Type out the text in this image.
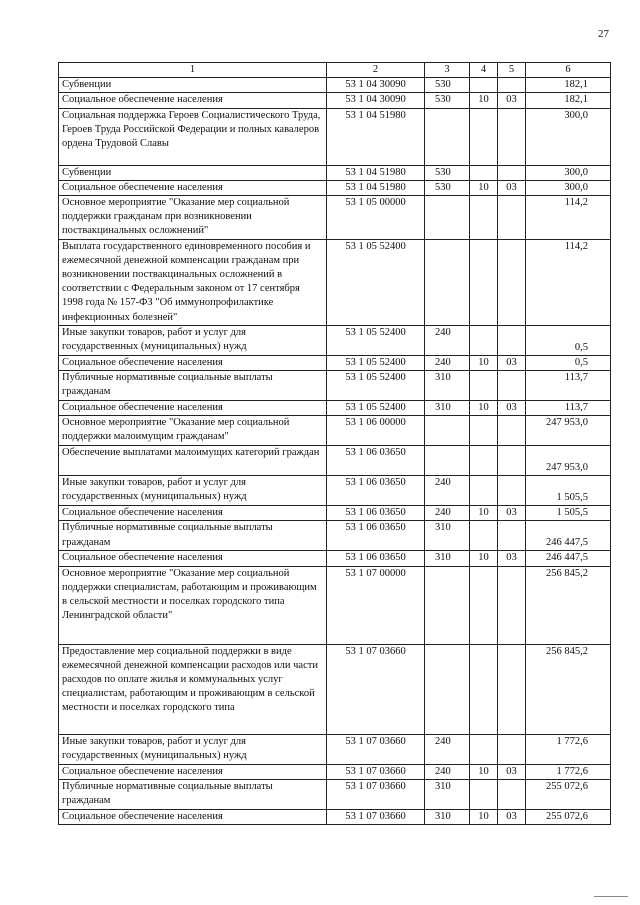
27
1	2	3	4	5	6
Субвенции	53 1 04 30090	530			182,1
Социальное обеспечение населения	53 1 04 30090	530	10	03	182,1
Социальная поддержка Героев Социалистического Труда, Героев Труда Российской Федерации и полных кавалеров ордена Трудовой Славы	53 1 04 51980				300,0
Субвенции	53 1 04 51980	530			300,0
Социальное обеспечение населения	53 1 04 51980	530	10	03	300,0
Основное мероприятие "Оказание мер социальной поддержки гражданам при возникновении поствакцинальных осложнений"	53 1 05 00000				114,2
Выплата государственного единовременного пособия и ежемесячной денежной компенсации гражданам при возникновении поствакцинальных осложнений в соответствии с Федеральным законом от 17 сентября 1998 года № 157-ФЗ "Об иммунопрофилактике инфекционных болезней"	53 1 05 52400				114,2
Иные закупки товаров, работ и услуг для государственных (муниципальных) нужд	53 1 05 52400	240			0,5
Социальное обеспечение населения	53 1 05 52400	240	10	03	0,5
Публичные нормативные социальные выплаты гражданам	53 1 05 52400	310			113,7
Социальное обеспечение населения	53 1 05 52400	310	10	03	113,7
Основное мероприятие "Оказание мер социальной поддержки малоимущим гражданам"	53 1 06 00000				247 953,0
Обеспечение выплатами малоимущих категорий граждан	53 1 06 03650				247 953,0
Иные закупки товаров, работ и услуг для государственных (муниципальных) нужд	53 1 06 03650	240			1 505,5
Социальное обеспечение населения	53 1 06 03650	240	10	03	1 505,5
Публичные нормативные социальные выплаты гражданам	53 1 06 03650	310			246 447,5
Социальное обеспечение населения	53 1 06 03650	310	10	03	246 447,5
Основное мероприятие "Оказание мер социальной поддержки специалистам, работающим и проживающим в сельской местности и поселках городского типа Ленинградской области"	53 1 07 00000				256 845,2
Предоставление мер социальной поддержки в виде ежемесячной денежной компенсации расходов или части расходов по оплате жилья и коммунальных услуг специалистам, работающим и проживающим в сельской местности и поселках городского типа	53 1 07 03660				256 845,2
Иные закупки товаров, работ и услуг для государственных (муниципальных) нужд	53 1 07 03660	240			1 772,6
Социальное обеспечение населения	53 1 07 03660	240	10	03	1 772,6
Публичные нормативные социальные выплаты гражданам	53 1 07 03660	310			255 072,6
Социальное обеспечение населения	53 1 07 03660	310	10	03	255 072,6
